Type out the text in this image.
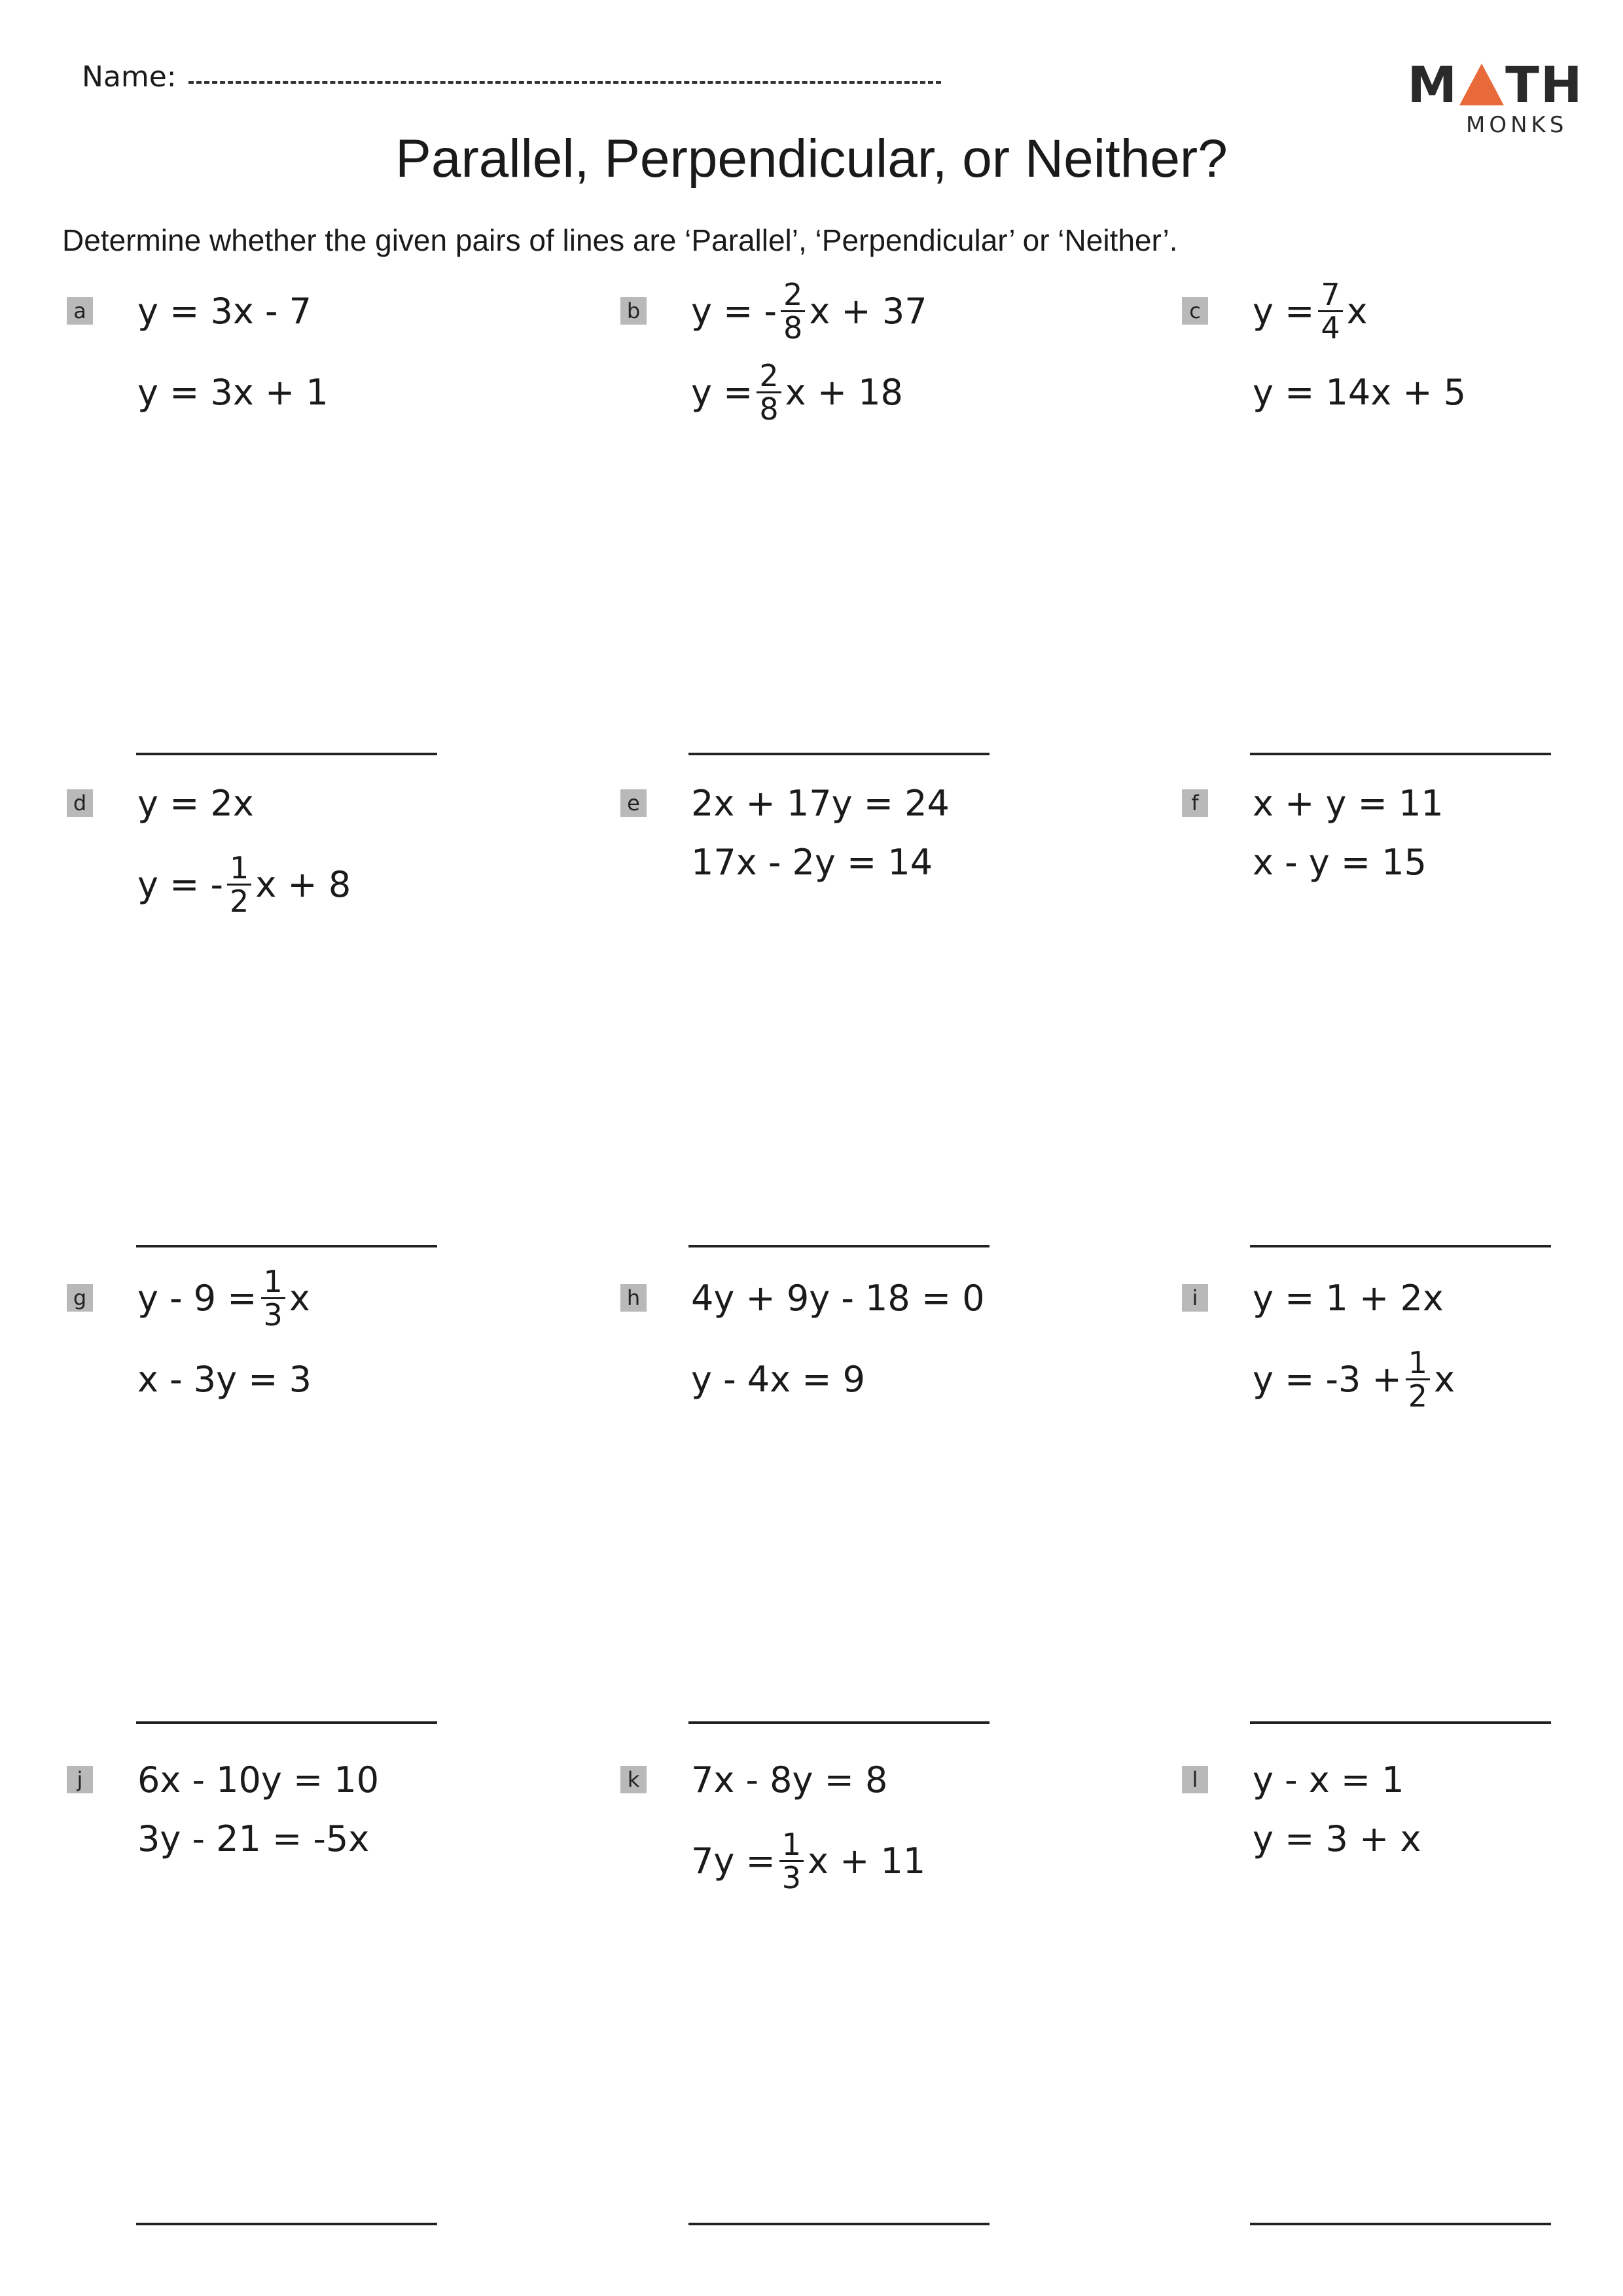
Name:	M TH
MONKS
Parallel, Perpendicular, or Neither?
Determine whether the given pairs of lines are ‘Parallel’, ‘Perpendicular’ or ‘Neither’.
a y = 3x - 7
y = 3x + 1
b y = - $\frac{2}{8}$ x + 37
$y = \frac{2}{8}$ x + 18
c $y = \frac{7}{4}$ x
y = 14x + 5
d y = 2x
y = - $\frac{1}{2}$ x + 8
e 2x + 17y = 24
17x - 2y = 14
f x + y = 11
x - y = 15
g $y - 9 = \frac{1}{3}$ x
x - 3y = 3
h 4y + 9y - 18 = 0
y - 4x = 9
i y = 1 + 2x
$y = -3 + \frac{1}{2}$ x
j 6x - 10y = 10
3y - 21 = -5x
k 7x - 8y = 8
$7y = \frac{1}{3}$ x + 11
l y - x = 1
y = 3 + x
